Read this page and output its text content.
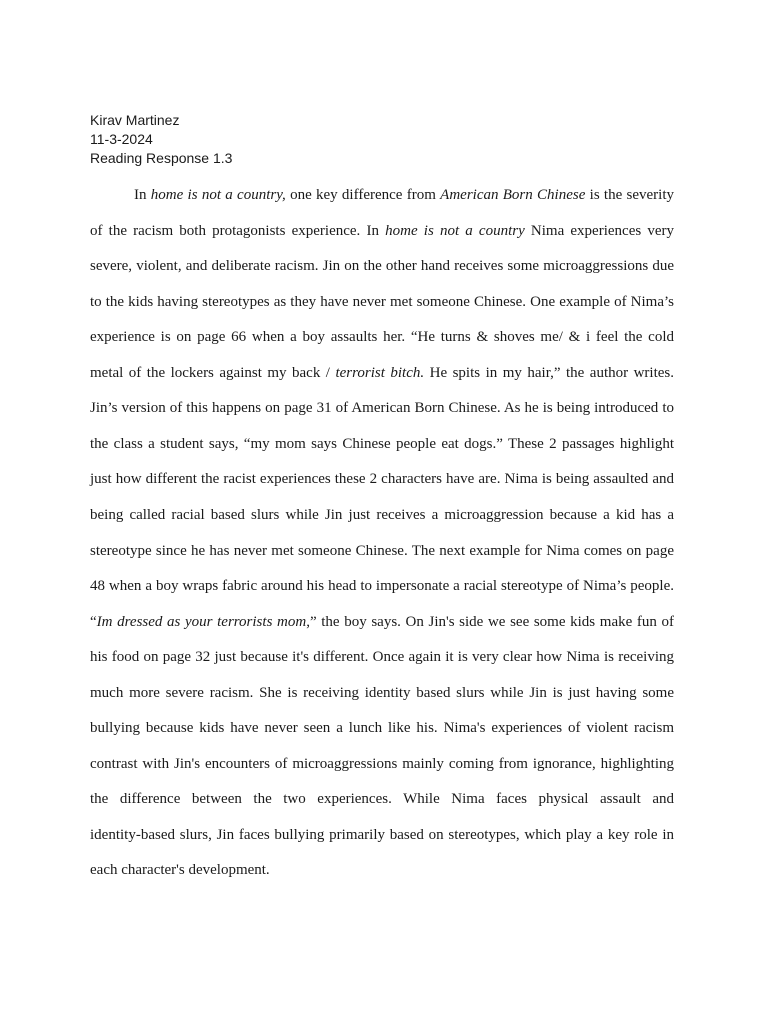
Kirav Martinez
11-3-2024
Reading Response 1.3
In home is not a country, one key difference from American Born Chinese is the severity
of the racism both protagonists experience. In home is not a country Nima experiences very
severe, violent, and deliberate racism. Jin on the other hand receives some microaggressions due
to the kids having stereotypes as they have never met someone Chinese. One example of Nima’s
experience is on page 66 when a boy assaults her. “He turns & shoves me/ & i feel the cold
metal of the lockers against my back / terrorist bitch. He spits in my hair,” the author writes.
Jin’s version of this happens on page 31 of American Born Chinese. As he is being introduced to
the class a student says, “my mom says Chinese people eat dogs.” These 2 passages highlight
just how different the racist experiences these 2 characters have are. Nima is being assaulted and
being called racial based slurs while Jin just receives a microaggression because a kid has a
stereotype since he has never met someone Chinese. The next example for Nima comes on page
48 when a boy wraps fabric around his head to impersonate a racial stereotype of Nima’s people.
“Im dressed as your terrorists mom,” the boy says. On Jin's side we see some kids make fun of
his food on page 32 just because it's different. Once again it is very clear how Nima is receiving
much more severe racism. She is receiving identity based slurs while Jin is just having some
bullying because kids have never seen a lunch like his. Nima's experiences of violent racism
contrast with Jin's encounters of microaggressions mainly coming from ignorance, highlighting
the difference between the two experiences. While Nima faces physical assault and
identity-based slurs, Jin faces bullying primarily based on stereotypes, which play a key role in
each character's development.
